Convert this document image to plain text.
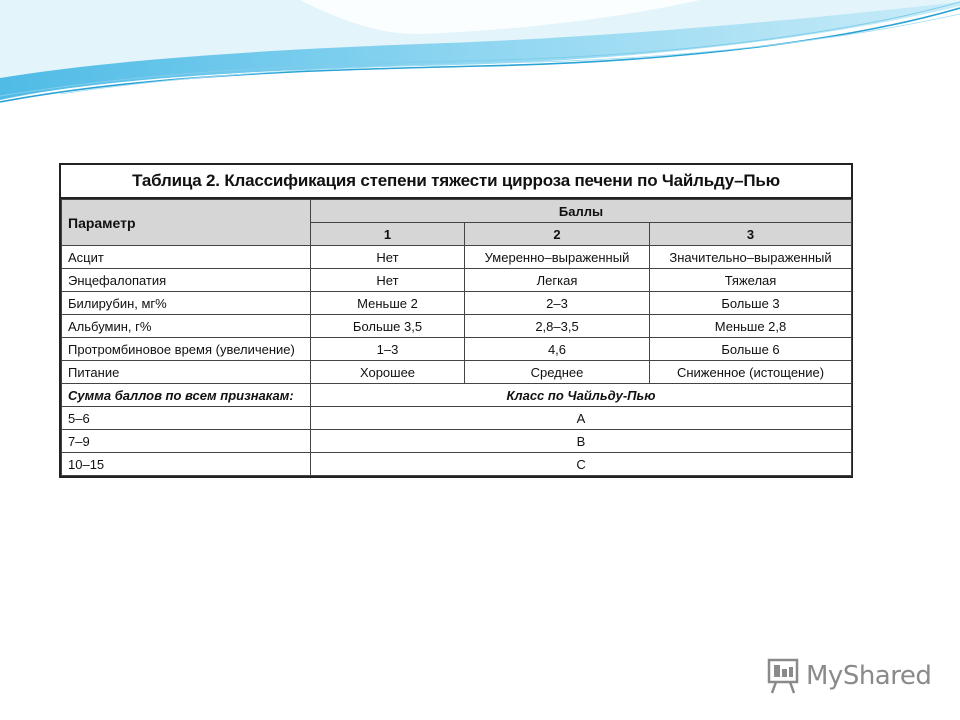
Таблица 2. Классификация степени тяжести цирроза печени по Чайльду–Пью
Параметр	Баллы		
	1	2	3
Асцит	Нет	Умеренно–выраженный	Значительно–выраженный
Энцефалопатия	Нет	Легкая	Тяжелая
Билирубин, мг%	Меньше 2	2–3	Больше 3
Альбумин, г%	Больше 3,5	2,8–3,5	Меньше 2,8
Протромбиновое время (увеличение)	1–3	4,6	Больше 6
Питание	Хорошее	Среднее	Сниженное (истощение)
Сумма баллов по всем признакам:	Класс по Чайльду-Пью		
5–6	A		
7–9	B		
10–15	C		
MyShared
